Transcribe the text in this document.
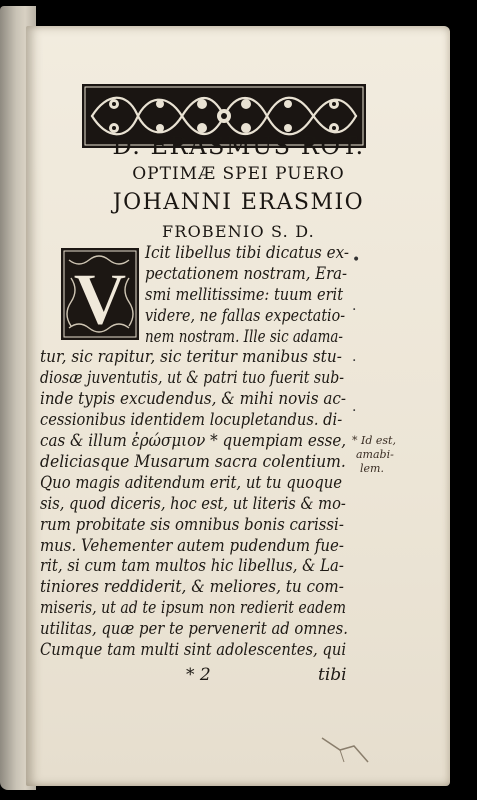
D. ERASMUS ROT.
OPTIMÆ SPEI PUERO
JOHANNI ERASMIO
FROBENIO S. D.
V
Icit libellus tibi dicatus ex-
pectationem nostram, Era-
smi mellitissime: tuum erit
videre, ne fallas expectatio-
nem nostram. Ille sic adama-
tur, sic rapitur, sic teritur manibus stu-
diosæ juventutis, ut & patri tuo fuerit sub-
inde typis excudendus, & mihi novis ac-
cessionibus identidem locupletandus. di-
cas & illum ἐρώσμιον * quempiam esse,
deliciasque Musarum sacra colentium.
Quo magis aditendum erit, ut tu quoque
sis, quod diceris, hoc est, ut literis & mo-
rum probitate sis omnibus bonis carissi-
mus. Vehementer autem pudendum fue-
rit, si cum tam multos hic libellus, & La-
tiniores reddiderit, & meliores, tu com-
miseris, ut ad te ipsum non redierit eadem
utilitas, quæ per te pervenerit ad omnes.
Cumque tam multi sint adolescentes, qui
* Id est,
amabi-
lem.
•
·
·
·
* 2	tibi
